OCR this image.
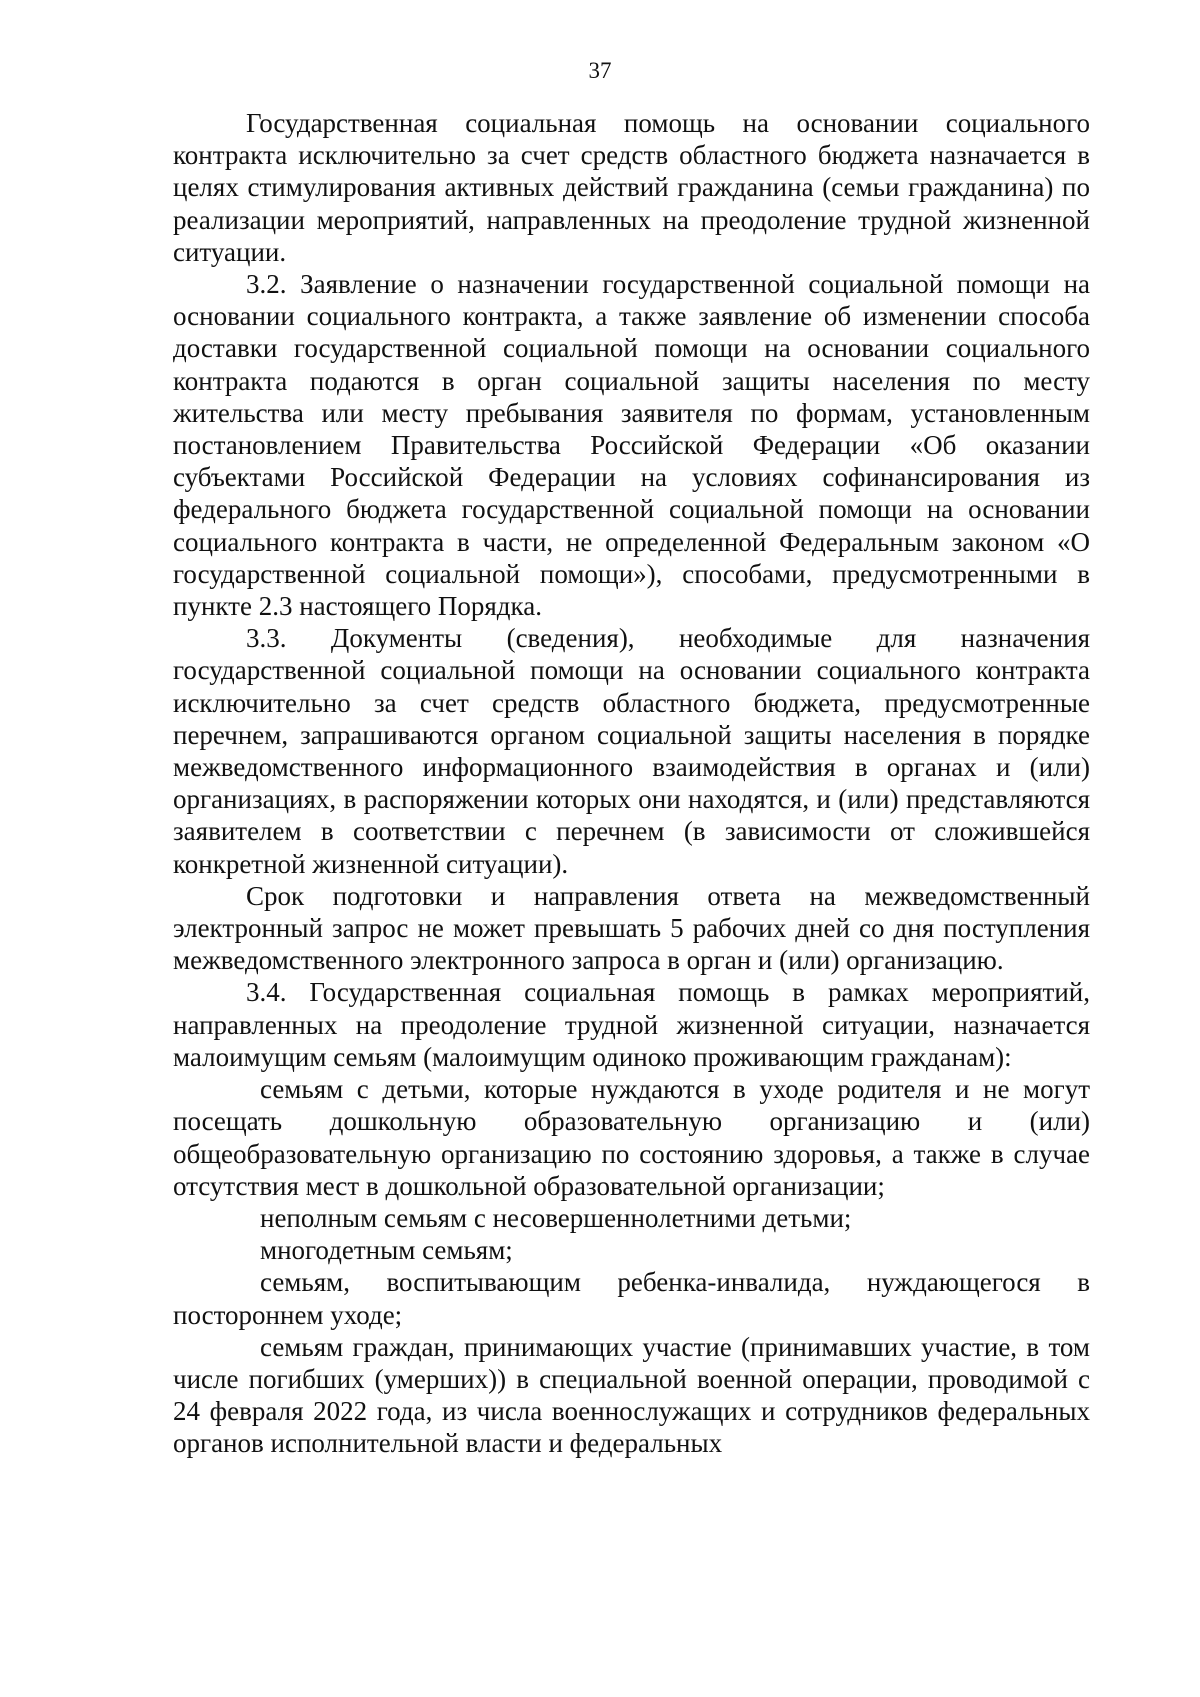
37

Государственная социальная помощь на основании социального контракта исключительно за счет средств областного бюджета назначается в целях стимулирования активных действий гражданина (семьи гражданина) по реализации мероприятий, направленных на преодоление трудной жизненной ситуации.

3.2. Заявление о назначении государственной социальной помощи на основании социального контракта, а также заявление об изменении способа доставки государственной социальной помощи на основании социального контракта подаются в орган социальной защиты населения по месту жительства или месту пребывания заявителя по формам, установленным постановлением Правительства Российской Федерации «Об оказании субъектами Российской Федерации на условиях софинансирования из федерального бюджета государственной социальной помощи на основании социального контракта в части, не определенной Федеральным законом «О государственной социальной помощи»), способами, предусмотренными в пункте 2.3 настоящего Порядка.

3.3. Документы (сведения), необходимые для назначения государственной социальной помощи на основании социального контракта исключительно за счет средств областного бюджета, предусмотренные перечнем, запрашиваются органом социальной защиты населения в порядке межведомственного информационного взаимодействия в органах и (или) организациях, в распоряжении которых они находятся, и (или) представляются заявителем в соответствии с перечнем (в зависимости от сложившейся конкретной жизненной ситуации).

Срок подготовки и направления ответа на межведомственный электронный запрос не может превышать 5 рабочих дней со дня поступления межведомственного электронного запроса в орган и (или) организацию.

3.4. Государственная социальная помощь в рамках мероприятий, направленных на преодоление трудной жизненной ситуации, назначается малоимущим семьям (малоимущим одиноко проживающим гражданам):

семьям с детьми, которые нуждаются в уходе родителя и не могут посещать дошкольную образовательную организацию и (или) общеобразовательную организацию по состоянию здоровья, а также в случае отсутствия мест в дошкольной образовательной организации;

неполным семьям с несовершеннолетними детьми;

многодетным семьям;

семьям, воспитывающим ребенка-инвалида, нуждающегося в постороннем уходе;

семьям граждан, принимающих участие (принимавших участие, в том числе погибших (умерших)) в специальной военной операции, проводимой с 24 февраля 2022 года, из числа военнослужащих и сотрудников федеральных органов исполнительной власти и федеральных
